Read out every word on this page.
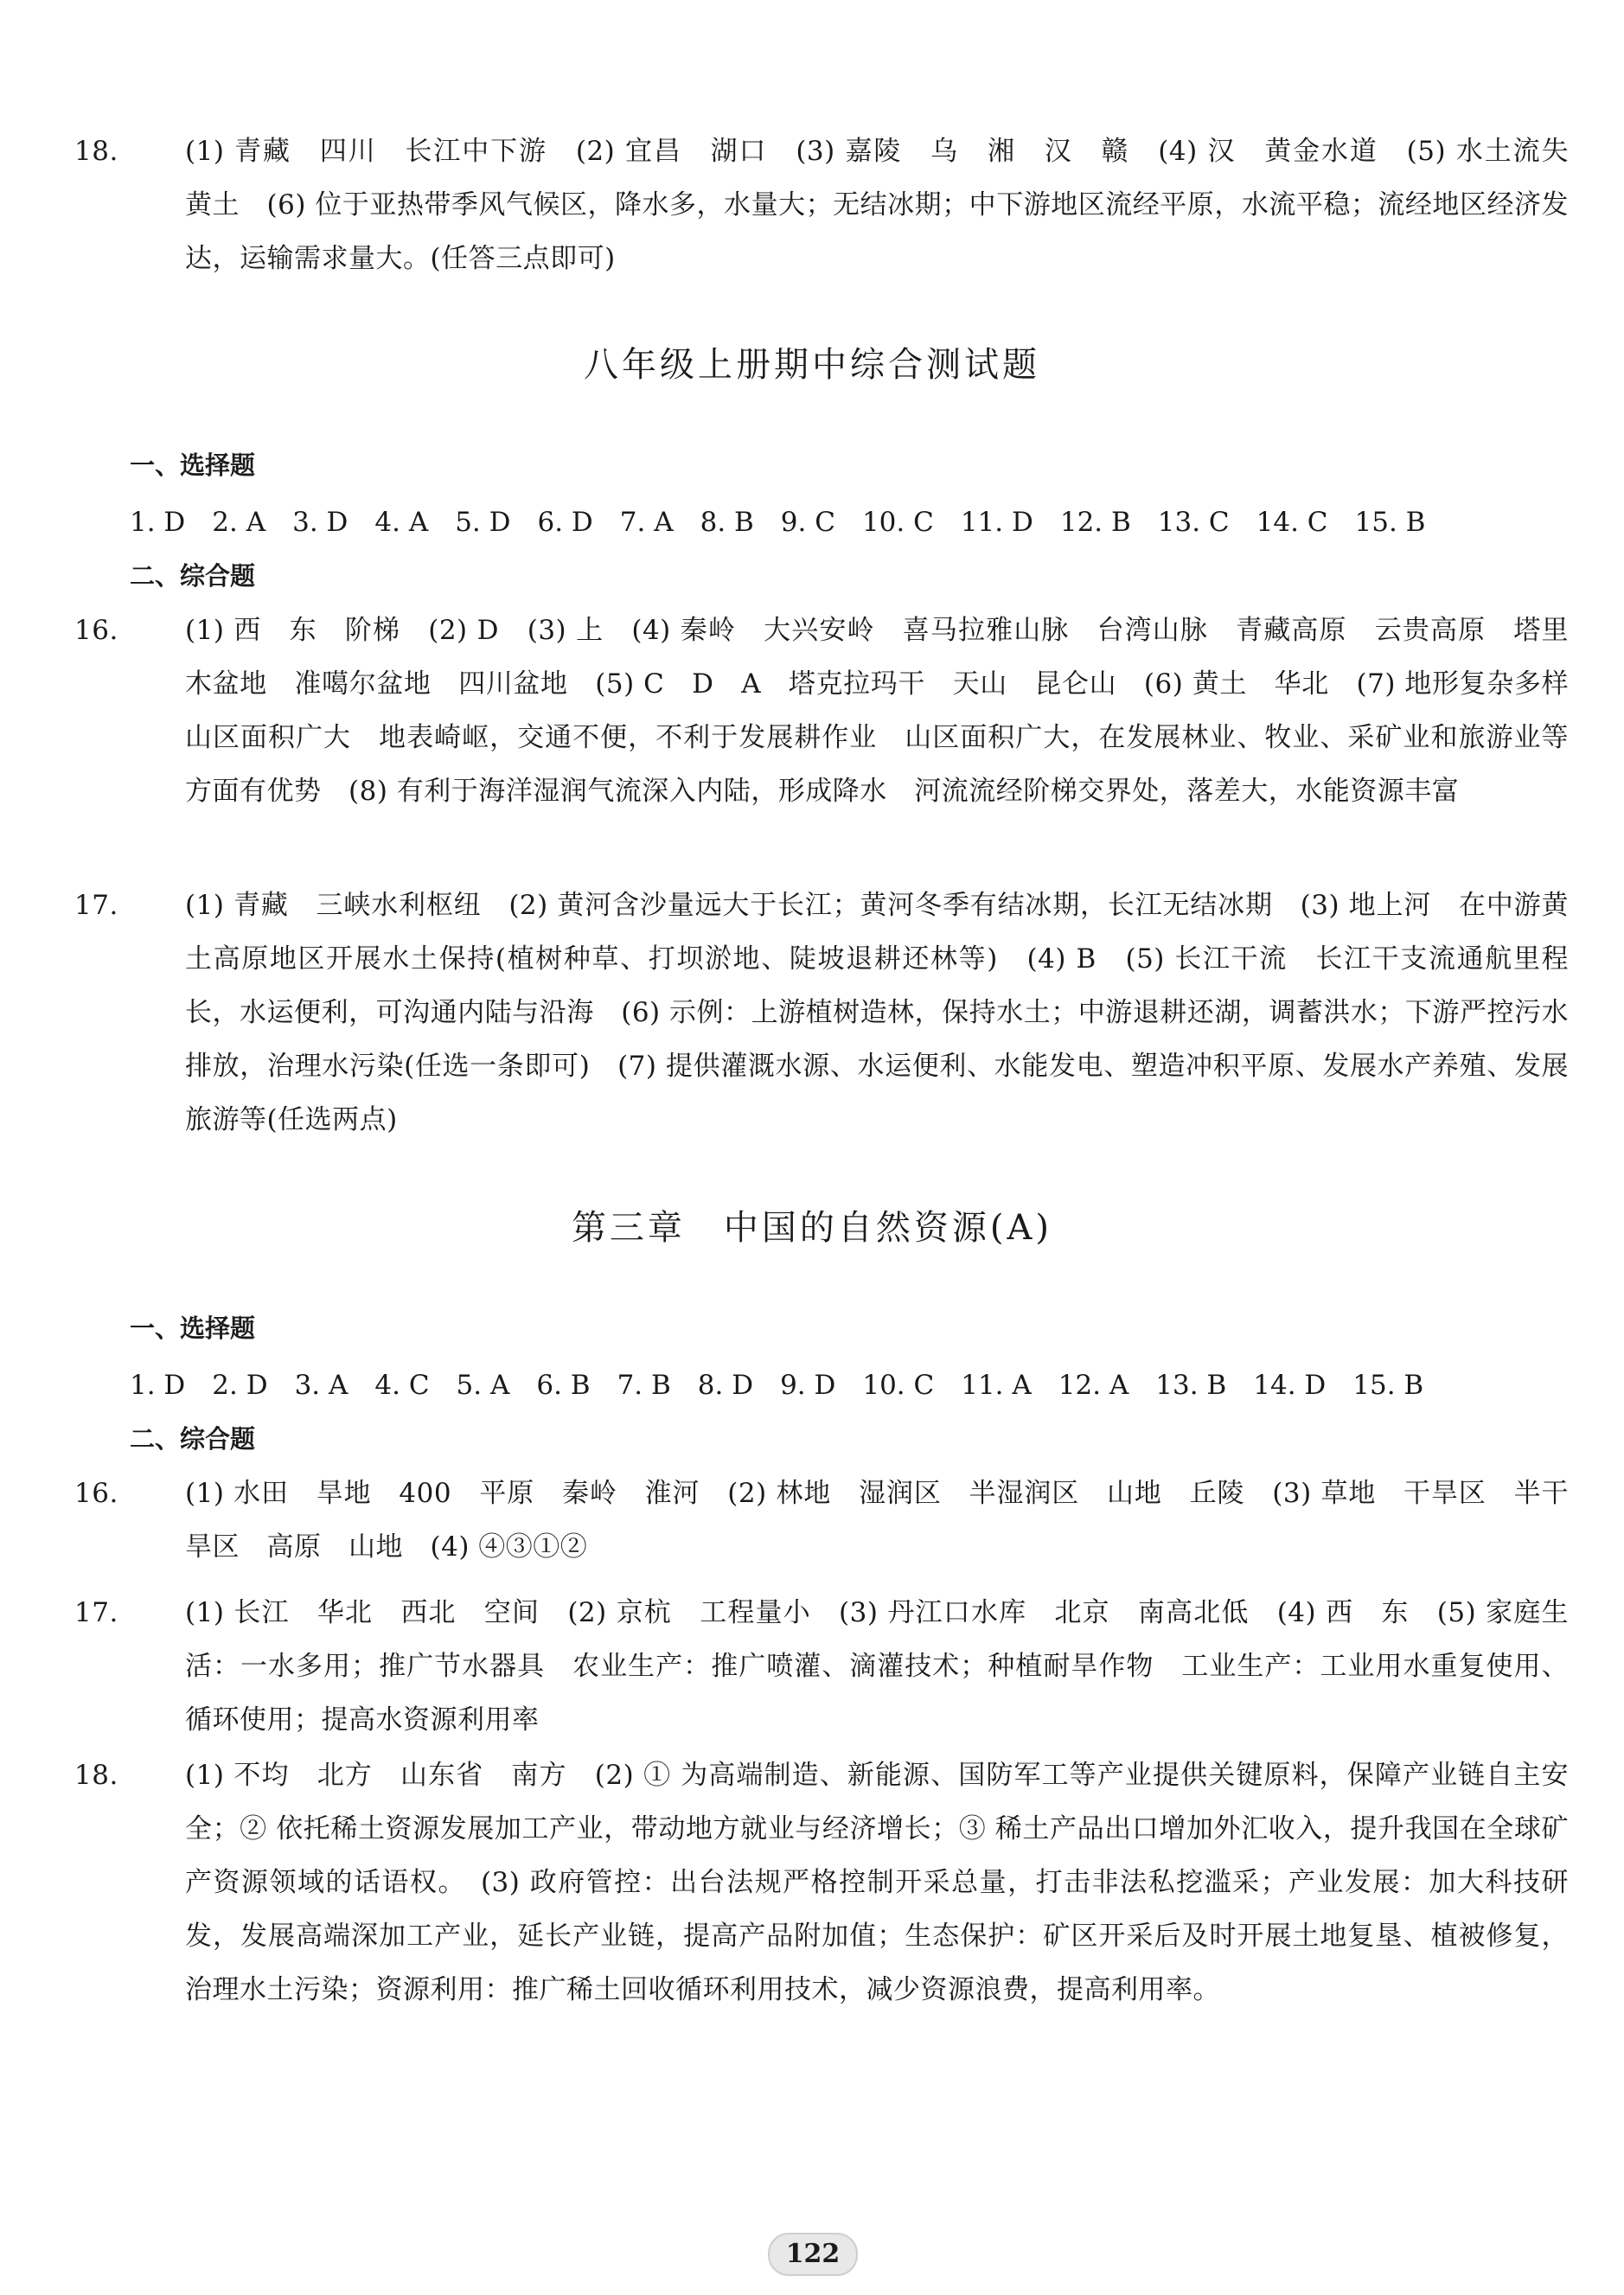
18. (1) 青藏　四川　长江中下游　(2) 宜昌　湖口　(3) 嘉陵　乌　湘　汉　赣　(4) 汉　黄金水道　(5) 水土流失　黄土　(6) 位于亚热带季风气候区，降水多，水量大；无结冰期；中下游地区流经平原，水流平稳；流经地区经济发达，运输需求量大。(任答三点即可)
八年级上册期中综合测试题
一、选择题
1. D　2. A　3. D　4. A　5. D　6. D　7. A　8. B　9. C　10. C　11. D　12. B　13. C　14. C　15. B
二、综合题
16. (1) 西　东　阶梯　(2) D　(3) 上　(4) 秦岭　大兴安岭　喜马拉雅山脉　台湾山脉　青藏高原　云贵高原　塔里木盆地　准噶尔盆地　四川盆地　(5) C　D　A　塔克拉玛干　天山　昆仑山　(6) 黄土　华北　(7) 地形复杂多样　山区面积广大　地表崎岖，交通不便，不利于发展耕作业　山区面积广大，在发展林业、牧业、采矿业和旅游业等方面有优势　(8) 有利于海洋湿润气流深入内陆，形成降水　河流流经阶梯交界处，落差大，水能资源丰富
17. (1) 青藏　三峡水利枢纽　(2) 黄河含沙量远大于长江；黄河冬季有结冰期，长江无结冰期　(3) 地上河　在中游黄土高原地区开展水土保持(植树种草、打坝淤地、陡坡退耕还林等)　(4) B　(5) 长江干流　长江干支流通航里程长，水运便利，可沟通内陆与沿海　(6) 示例：上游植树造林，保持水土；中游退耕还湖，调蓄洪水；下游严控污水排放，治理水污染(任选一条即可)　(7) 提供灌溉水源、水运便利、水能发电、塑造冲积平原、发展水产养殖、发展旅游等(任选两点)
第三章　中国的自然资源(A)
一、选择题
1. D　2. D　3. A　4. C　5. A　6. B　7. B　8. D　9. D　10. C　11. A　12. A　13. B　14. D　15. B
二、综合题
16. (1) 水田　旱地　400　平原　秦岭　淮河　(2) 林地　湿润区　半湿润区　山地　丘陵　(3) 草地　干旱区　半干旱区　高原　山地　(4) ④③①②
17. (1) 长江　华北　西北　空间　(2) 京杭　工程量小　(3) 丹江口水库　北京　南高北低　(4) 西　东　(5) 家庭生活：一水多用；推广节水器具　农业生产：推广喷灌、滴灌技术；种植耐旱作物　工业生产：工业用水重复使用、循环使用；提高水资源利用率
18. (1) 不均　北方　山东省　南方　(2) ① 为高端制造、新能源、国防军工等产业提供关键原料，保障产业链自主安全；② 依托稀土资源发展加工产业，带动地方就业与经济增长；③ 稀土产品出口增加外汇收入，提升我国在全球矿产资源领域的话语权。　(3) 政府管控：出台法规严格控制开采总量，打击非法私挖滥采；产业发展：加大科技研发，发展高端深加工产业，延长产业链，提高产品附加值；生态保护：矿区开采后及时开展土地复垦、植被修复，治理水土污染；资源利用：推广稀土回收循环利用技术，减少资源浪费，提高利用率。
122
